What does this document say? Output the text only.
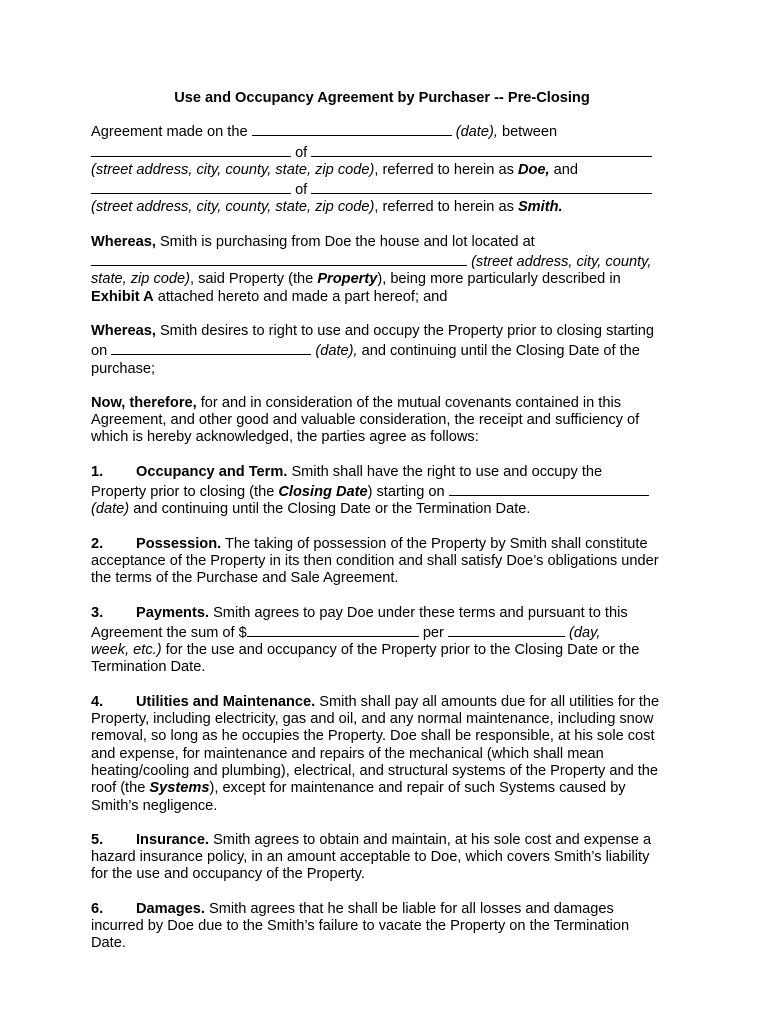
Use and Occupancy Agreement by Purchaser -- Pre-Closing

Agreement made on the	(date), between

of

(street address, city, county, state, zip code), referred to herein as Doe, and

of

(street address, city, county, state, zip code), referred to herein as Smith.

Whereas, Smith is purchasing from Doe the house and lot located at

(street address, city, county,

state, zip code), said Property (the Property), being more particularly described in

Exhibit A attached hereto and made a part hereof; and

Whereas, Smith desires to right to use and occupy the Property prior to closing starting

on	(date), and continuing until the Closing Date of the

purchase;

Now, therefore, for and in consideration of the mutual covenants contained in this

Agreement, and other good and valuable consideration, the receipt and sufficiency of

which is hereby acknowledged, the parties agree as follows:

1. Occupancy and Term. Smith shall have the right to use and occupy the

Property prior to closing (the Closing Date) starting on

(date) and continuing until the Closing Date or the Termination Date.

2. Possession. The taking of possession of the Property by Smith shall constitute

acceptance of the Property in its then condition and shall satisfy Doe’s obligations under

the terms of the Purchase and Sale Agreement.

3. Payments. Smith agrees to pay Doe under these terms and pursuant to this

Agreement the sum of $	per	(day,

week, etc.) for the use and occupancy of the Property prior to the Closing Date or the

Termination Date.

4. Utilities and Maintenance. Smith shall pay all amounts due for all utilities for the

Property, including electricity, gas and oil, and any normal maintenance, including snow

removal, so long as he occupies the Property. Doe shall be responsible, at his sole cost

and expense, for maintenance and repairs of the mechanical (which shall mean

heating/cooling and plumbing), electrical, and structural systems of the Property and the

roof (the Systems), except for maintenance and repair of such Systems caused by

Smith’s negligence.

5. Insurance. Smith agrees to obtain and maintain, at his sole cost and expense a

hazard insurance policy, in an amount acceptable to Doe, which covers Smith’s liability

for the use and occupancy of the Property.

6. Damages. Smith agrees that he shall be liable for all losses and damages

incurred by Doe due to the Smith’s failure to vacate the Property on the Termination

Date.
